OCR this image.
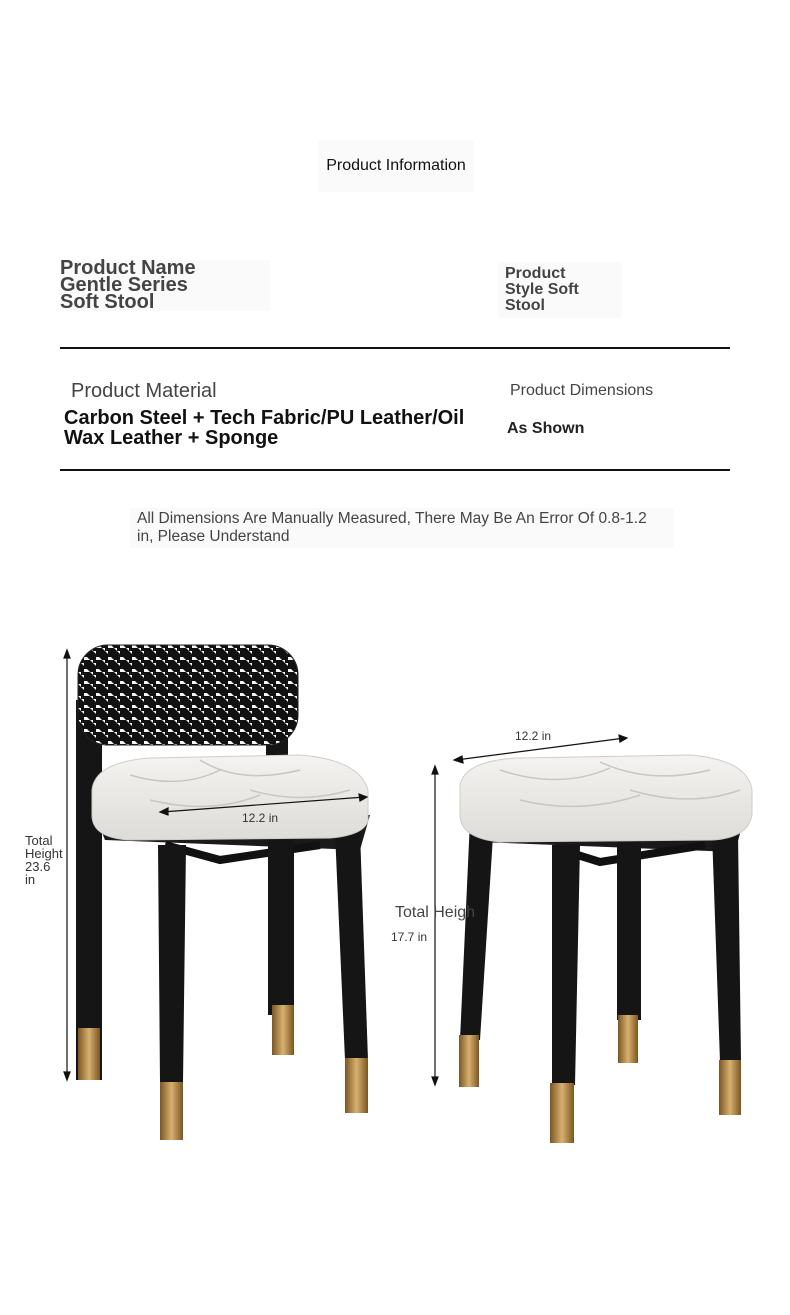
Product Information
Product Name
Gentle Series
Soft Stool
Product
Style Soft
Stool
Product Material
Carbon Steel + Tech Fabric/PU Leather/Oil Wax Leather + Sponge
Product Dimensions
As Shown
All Dimensions Are Manually Measured, There May Be An Error Of 0.8-1.2 in, Please Understand
12.2 in
Total
Height
23.6
in
12.2 in
Total Heigh
17.7 in
